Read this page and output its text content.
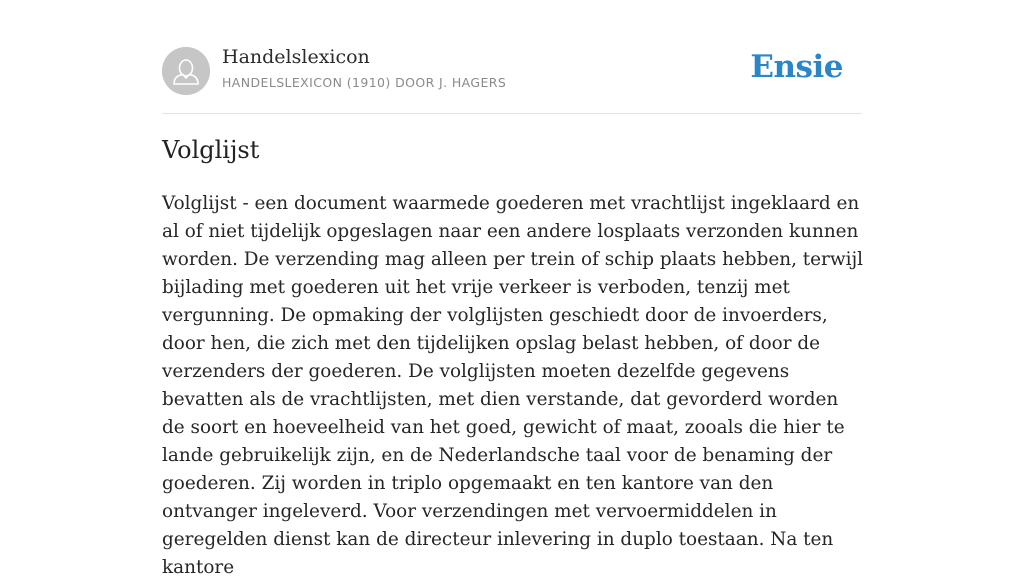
Handelslexicon
HANDELSLEXICON (1910) DOOR J. HAGERS	Ensie
Volglijst

Volglijst - een document waarmede goederen met vrachtlijst ingeklaard en al of niet tijdelijk opgeslagen naar een andere losplaats verzonden kunnen worden. De verzending mag alleen per trein of schip plaats hebben, terwijl bijlading met goederen uit het vrije verkeer is verboden, tenzij met vergunning. De opmaking der volglijsten geschiedt door de invoerders, door hen, die zich met den tijdelijken opslag belast hebben, of door de verzenders der goederen. De volglijsten moeten dezelfde gegevens bevatten als de vrachtlijsten, met dien verstande, dat gevorderd worden de soort en hoeveelheid van het goed, gewicht of maat, zooals die hier te lande gebruikelijk zijn, en de Nederlandsche taal voor de benaming der goederen. Zij worden in triplo opgemaakt en ten kantore van den ontvanger ingeleverd. Voor verzendingen met vervoermiddelen in geregelden dienst kan de directeur inlevering in duplo toestaan. Na ten kantore
